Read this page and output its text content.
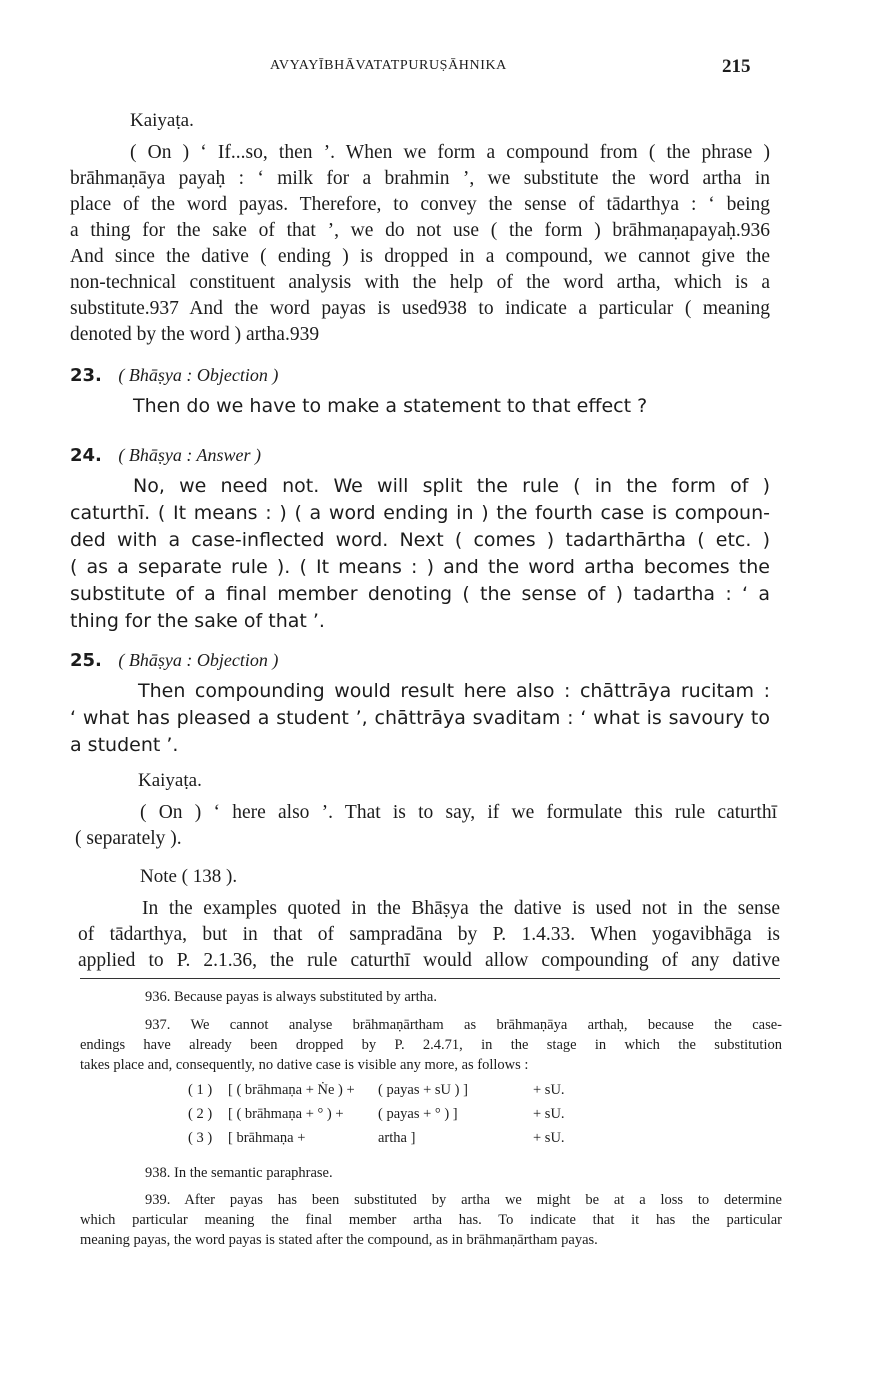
AVYAYĪBHĀVATATPURUṢĀHNIKA	215
Kaiyaṭa.
( On ) ‘ If...so, then ’. When we form a compound from ( the phrase )
brāhmaṇāya payaḥ : ‘ milk for a brahmin ’, we substitute the word artha in
place of the word payas. Therefore, to convey the sense of tādarthya : ‘ being
a thing for the sake of that ’, we do not use ( the form ) brāhmaṇapayaḥ.936
And since the dative ( ending ) is dropped in a compound, we cannot give the
non-technical constituent analysis with the help of the word artha, which is a
substitute.937 And the word payas is used938 to indicate a particular ( meaning
denoted by the word ) artha.939
23. ( Bhāṣya : Objection )
Then do we have to make a statement to that effect ?
24. ( Bhāṣya : Answer )
No, we need not. We will split the rule ( in the form of )
caturthī. ( It means : ) ( a word ending in ) the fourth case is compoun-
ded with a case-inflected word. Next ( comes ) tadarthārtha ( etc. )
( as a separate rule ). ( It means : ) and the word artha becomes the
substitute of a final member denoting ( the sense of ) tadartha : ‘ a
thing for the sake of that ’.
25. ( Bhāṣya : Objection )
Then compounding would result here also : chāttrāya rucitam :
‘ what has pleased a student ’, chāttrāya svaditam : ‘ what is savoury to
a student ’.
Kaiyaṭa.
( On ) ‘ here also ’. That is to say, if we formulate this rule caturthī
( separately ).
Note ( 138 ).
In the examples quoted in the Bhāṣya the dative is used not in the sense
of tādarthya, but in that of sampradāna by P. 1.4.33. When yogavibhāga is
applied to P. 2.1.36, the rule caturthī would allow compounding of any dative
936. Because payas is always substituted by artha.
937. We cannot analyse brāhmaṇārtham as brāhmaṇāya arthaḥ, because the case-
endings have already been dropped by P. 2.4.71, in the stage in which the substitution
takes place and, consequently, no dative case is visible any more, as follows :
( 1 ) [ ( brāhmaṇa + Ṅe ) + ( payas + sU ) ]	+ sU.
( 2 ) [ ( brāhmaṇa + ° ) + ( payas + ° ) ]	+ sU.
( 3 ) [ brāhmaṇa +	artha ]	+ sU.
938. In the semantic paraphrase.
939. After payas has been substituted by artha we might be at a loss to determine
which particular meaning the final member artha has. To indicate that it has the particular
meaning payas, the word payas is stated after the compound, as in brāhmaṇārtham payas.
